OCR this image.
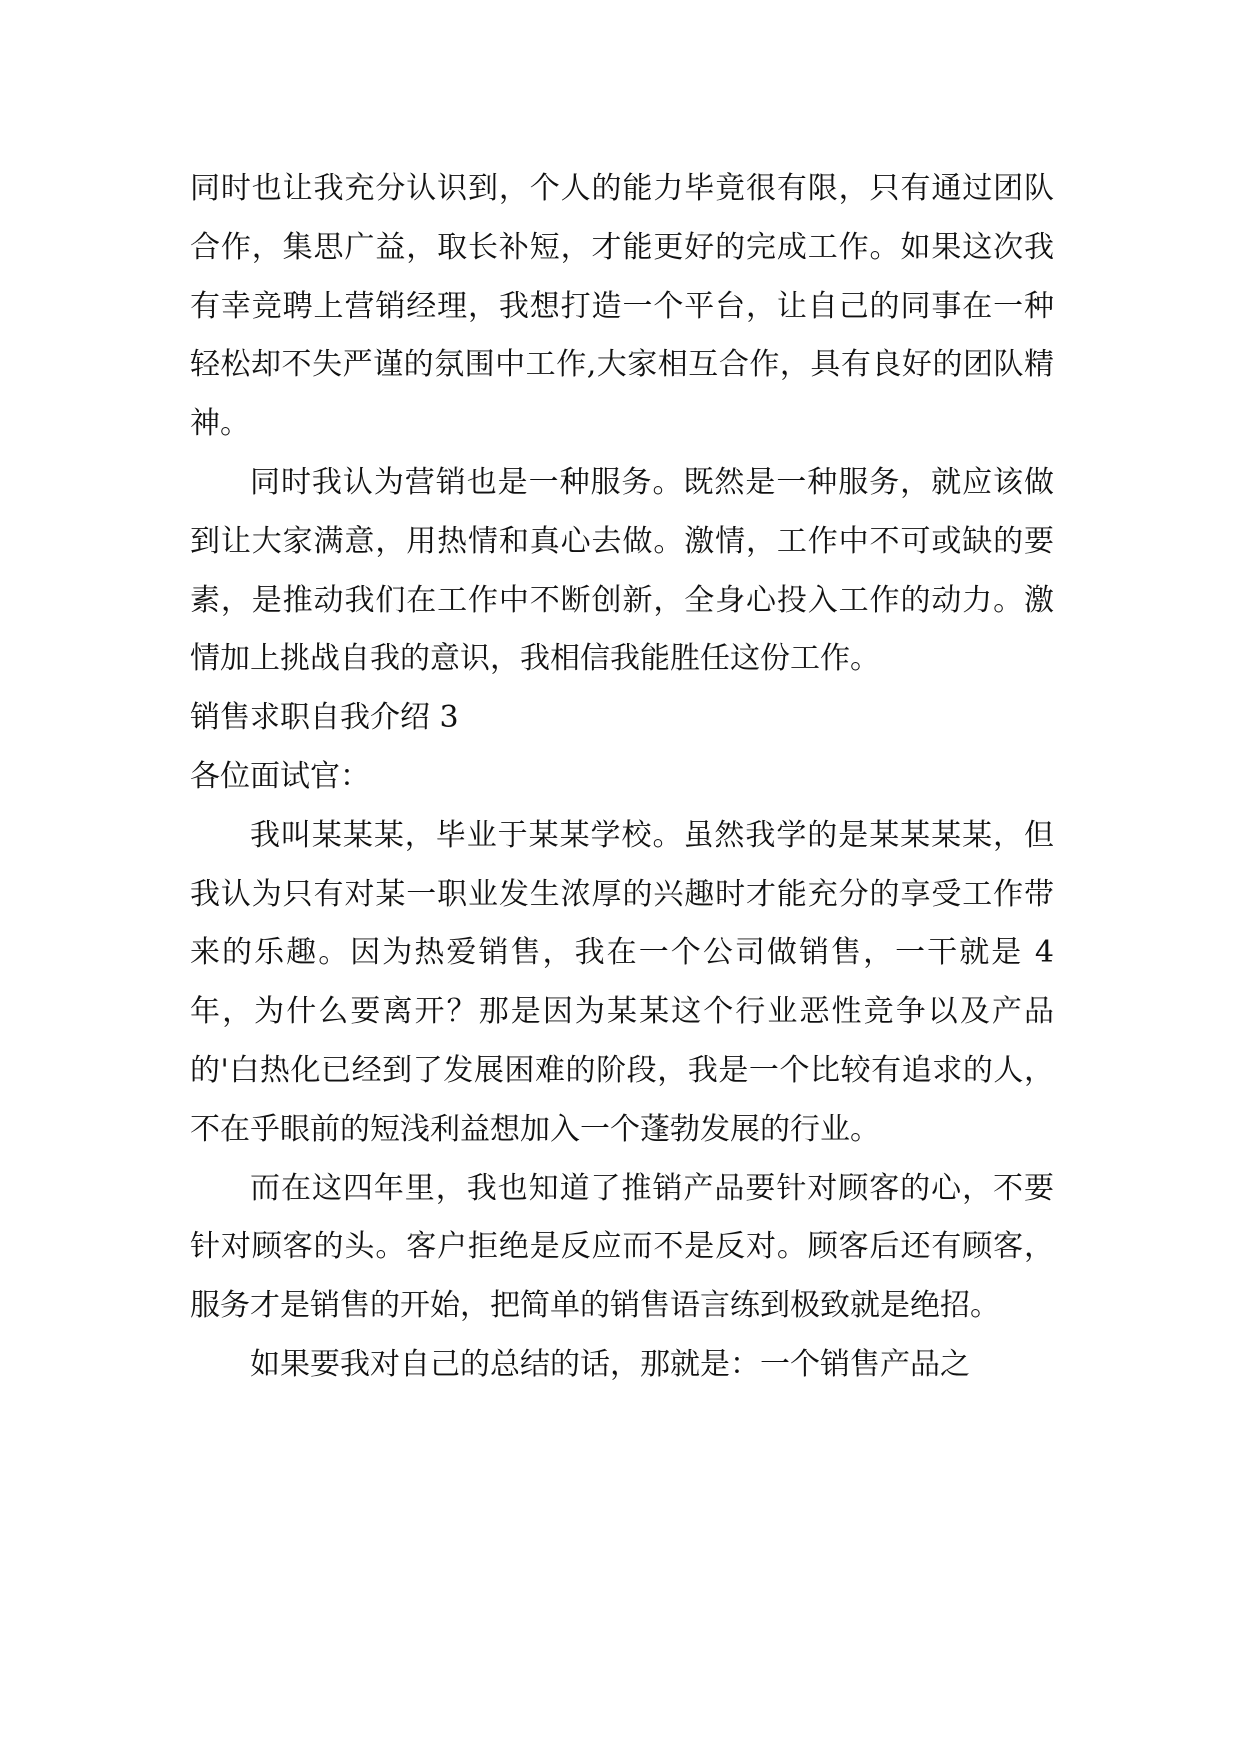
同时也让我充分认识到，个人的能力毕竟很有限，只有通过团队合作，集思广益，取长补短，才能更好的完成工作。如果这次我有幸竞聘上营销经理，我想打造一个平台，让自己的同事在一种轻松却不失严谨的氛围中工作,大家相互合作，具有良好的团队精神。

同时我认为营销也是一种服务。既然是一种服务，就应该做到让大家满意，用热情和真心去做。激情，工作中不可或缺的要素，是推动我们在工作中不断创新，全身心投入工作的动力。激情加上挑战自我的意识，我相信我能胜任这份工作。

销售求职自我介绍 3

各位面试官：

我叫某某某，毕业于某某学校。虽然我学的是某某某某，但我认为只有对某一职业发生浓厚的兴趣时才能充分的享受工作带来的乐趣。因为热爱销售，我在一个公司做销售，一干就是 4 年，为什么要离开？那是因为某某这个行业恶性竞争以及产品的'白热化已经到了发展困难的阶段，我是一个比较有追求的人，不在乎眼前的短浅利益想加入一个蓬勃发展的行业。

而在这四年里，我也知道了推销产品要针对顾客的心，不要针对顾客的头。客户拒绝是反应而不是反对。顾客后还有顾客，服务才是销售的开始，把简单的销售语言练到极致就是绝招。

如果要我对自己的总结的话，那就是：一个销售产品之
